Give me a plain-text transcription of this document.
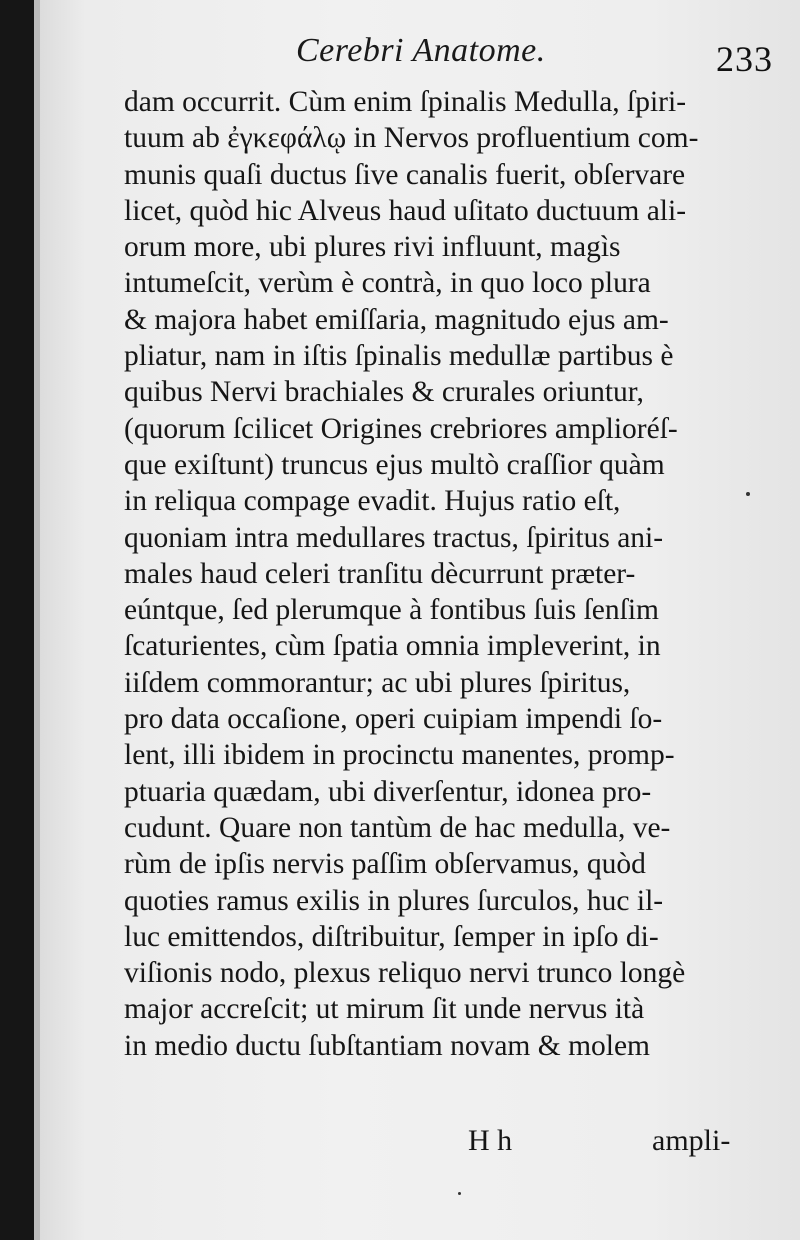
Cerebri Anatome.	233
dam occurrit. Cùm enim ſpinalis Medulla, ſpiri-
tuum ab ἐγκεφάλῳ in Nervos profluentium com-
munis quaſi ductus ſive canalis fuerit, obſervare
licet, quòd hic Alveus haud uſitato ductuum ali-
orum more, ubi plures rivi influunt, magìs
intumeſcit, verùm è contrà, in quo loco plura
& majora habet emiſſaria, magnitudo ejus am-
pliatur, nam in iſtis ſpinalis medullæ partibus è
quibus Nervi brachiales & crurales oriuntur,
(quorum ſcilicet Origines crebriores amplioréſ-
que exiſtunt) truncus ejus multò craſſior quàm
in reliqua compage evadit. Hujus ratio eſt,
quoniam intra medullares tractus, ſpiritus ani-
males haud celeri tranſitu dècurrunt præter-
eúntque, ſed plerumque à fontibus ſuis ſenſim
ſcaturientes, cùm ſpatia omnia impleverint, in
iiſdem commorantur; ac ubi plures ſpiritus,
pro data occaſione, operi cuipiam impendi ſo-
lent, illi ibidem in procinctu manentes, promp-
ptuaria quædam, ubi diverſentur, idonea pro-
cudunt. Quare non tantùm de hac medulla, ve-
rùm de ipſis nervis paſſim obſervamus, quòd
quoties ramus exilis in plures ſurculos, huc il-
luc emittendos, diſtribuitur, ſemper in ipſo di-
viſionis nodo, plexus reliquo nervi trunco longè
major accreſcit; ut mirum ſit unde nervus ità
in medio ductu ſubſtantiam novam & molem
H h	ampli-
